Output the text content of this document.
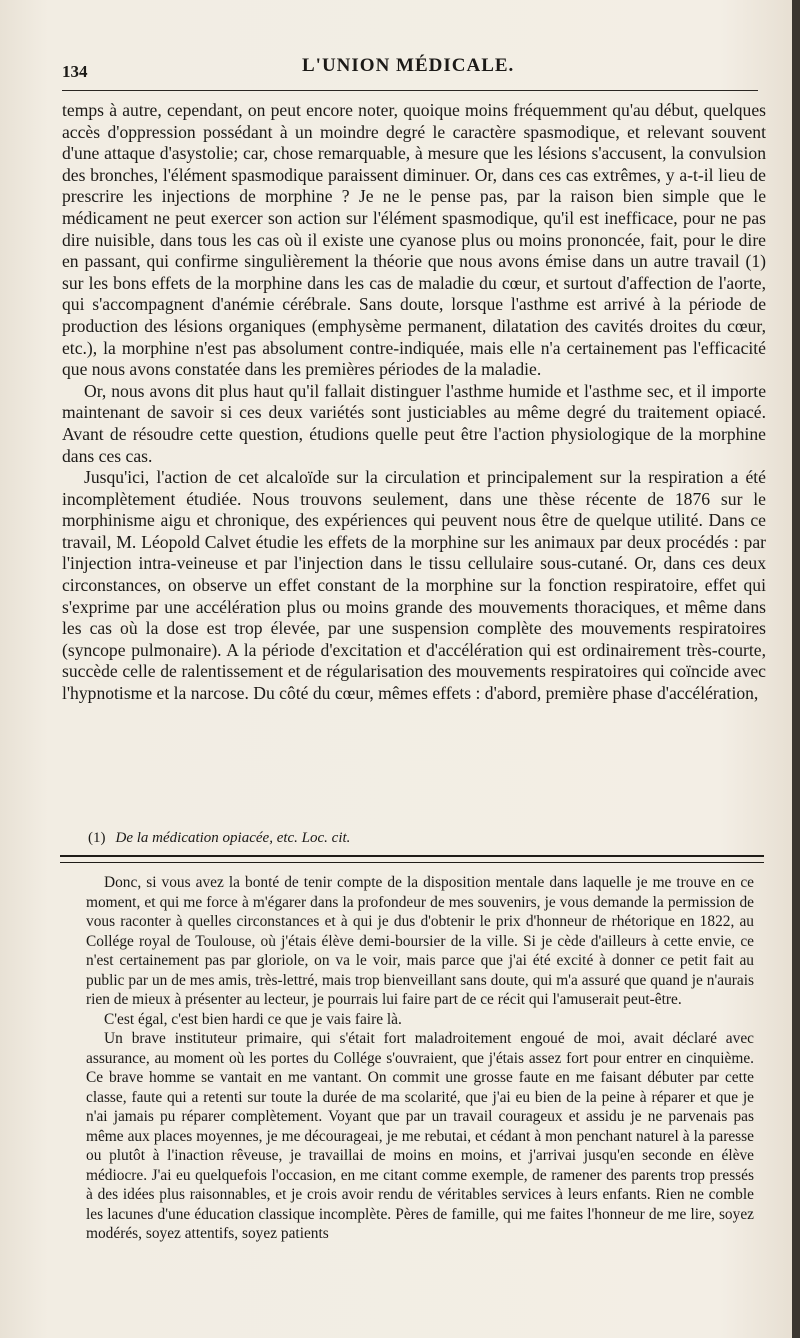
134	L'UNION MÉDICALE.

temps à autre, cependant, on peut encore noter, quoique moins fréquemment qu'au début, quelques accès d'oppression possédant à un moindre degré le caractère spasmodique, et relevant souvent d'une attaque d'asystolie; car, chose remarquable, à mesure que les lésions s'accusent, la convulsion des bronches, l'élément spasmodique paraissent diminuer. Or, dans ces cas extrêmes, y a-t-il lieu de prescrire les injections de morphine ? Je ne le pense pas, par la raison bien simple que le médicament ne peut exercer son action sur l'élément spasmodique, qu'il est inefficace, pour ne pas dire nuisible, dans tous les cas où il existe une cyanose plus ou moins prononcée, fait, pour le dire en passant, qui confirme singulièrement la théorie que nous avons émise dans un autre travail (1) sur les bons effets de la morphine dans les cas de maladie du cœur, et surtout d'affection de l'aorte, qui s'accompagnent d'anémie cérébrale. Sans doute, lorsque l'asthme est arrivé à la période de production des lésions organiques (emphysème permanent, dilatation des cavités droites du cœur, etc.), la morphine n'est pas absolument contre-indiquée, mais elle n'a certainement pas l'efficacité que nous avons constatée dans les premières périodes de la maladie.

Or, nous avons dit plus haut qu'il fallait distinguer l'asthme humide et l'asthme sec, et il importe maintenant de savoir si ces deux variétés sont justiciables au même degré du traitement opiacé. Avant de résoudre cette question, étudions quelle peut être l'action physiologique de la morphine dans ces cas.

Jusqu'ici, l'action de cet alcaloïde sur la circulation et principalement sur la respiration a été incomplètement étudiée. Nous trouvons seulement, dans une thèse récente de 1876 sur le morphinisme aigu et chronique, des expériences qui peuvent nous être de quelque utilité. Dans ce travail, M. Léopold Calvet étudie les effets de la morphine sur les animaux par deux procédés : par l'injection intra-veineuse et par l'injection dans le tissu cellulaire sous-cutané. Or, dans ces deux circonstances, on observe un effet constant de la morphine sur la fonction respiratoire, effet qui s'exprime par une accélération plus ou moins grande des mouvements thoraciques, et même dans les cas où la dose est trop élevée, par une suspension complète des mouvements respiratoires (syncope pulmonaire). A la période d'excitation et d'accélération qui est ordinairement très-courte, succède celle de ralentissement et de régularisation des mouvements respiratoires qui coïncide avec l'hypnotisme et la narcose. Du côté du cœur, mêmes effets : d'abord, première phase d'accélération,

(1) De la médication opiacée, etc. Loc. cit.

Donc, si vous avez la bonté de tenir compte de la disposition mentale dans laquelle je me trouve en ce moment, et qui me force à m'égarer dans la profondeur de mes souvenirs, je vous demande la permission de vous raconter à quelles circonstances et à qui je dus d'obtenir le prix d'honneur de rhétorique en 1822, au Collége royal de Toulouse, où j'étais élève demi-boursier de la ville. Si je cède d'ailleurs à cette envie, ce n'est certainement pas par gloriole, on va le voir, mais parce que j'ai été excité à donner ce petit fait au public par un de mes amis, très-lettré, mais trop bienveillant sans doute, qui m'a assuré que quand je n'aurais rien de mieux à présenter au lecteur, je pourrais lui faire part de ce récit qui l'amuserait peut-être.

C'est égal, c'est bien hardi ce que je vais faire là.

Un brave instituteur primaire, qui s'était fort maladroitement engoué de moi, avait déclaré avec assurance, au moment où les portes du Collége s'ouvraient, que j'étais assez fort pour entrer en cinquième. Ce brave homme se vantait en me vantant. On commit une grosse faute en me faisant débuter par cette classe, faute qui a retenti sur toute la durée de ma scolarité, que j'ai eu bien de la peine à réparer et que je n'ai jamais pu réparer complètement. Voyant que par un travail courageux et assidu je ne parvenais pas même aux places moyennes, je me décourageai, je me rebutai, et cédant à mon penchant naturel à la paresse ou plutôt à l'inaction rêveuse, je travaillai de moins en moins, et j'arrivai jusqu'en seconde en élève médiocre. J'ai eu quelquefois l'occasion, en me citant comme exemple, de ramener des parents trop pressés à des idées plus raisonnables, et je crois avoir rendu de véritables services à leurs enfants. Rien ne comble les lacunes d'une éducation classique incomplète. Pères de famille, qui me faites l'honneur de me lire, soyez modérés, soyez attentifs, soyez patients
